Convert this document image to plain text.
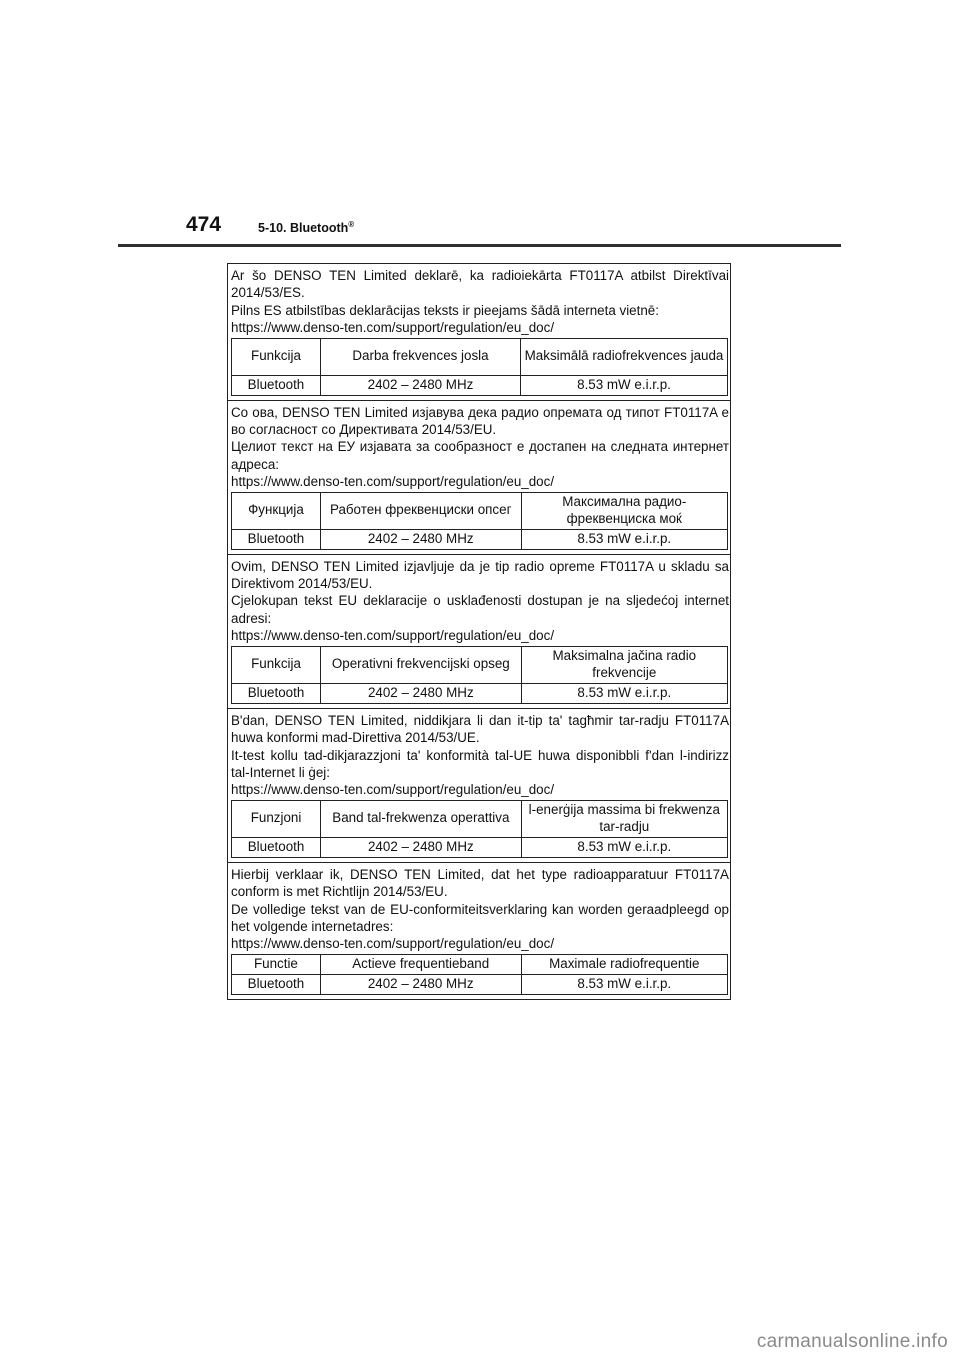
474	5-10. Bluetooth®

Ar šo DENSO TEN Limited deklarē, ka radioiekārta FT0117A atbilst Direktīvai 2014/53/ES.

Pilns ES atbilstības deklarācijas teksts ir pieejams šādā interneta vietnē:

https://www.denso-ten.com/support/regulation/eu_doc/

Funkcija	Darba frekvences josla	Maksimālā radiofrekvences jauda
Bluetooth	2402 – 2480 MHz	8.53 mW e.i.r.p.

Со ова, DENSO TEN Limited изјавува дека радио опремата од типот FT0117A е во согласност со Директивата 2014/53/EU.

Целиот текст на ЕУ изјавата за сообразност е достапен на следната интернет адреса:

https://www.denso-ten.com/support/regulation/eu_doc/

Функција	Работен фреквенциски опсег	Максимална радио-фреквенциска моќ
Bluetooth	2402 – 2480 MHz	8.53 mW e.i.r.p.

Ovim, DENSO TEN Limited izjavljuje da je tip radio opreme FT0117A u skladu sa Direktivom 2014/53/EU.

Cjelokupan tekst EU deklaracije o usklađenosti dostupan je na sljedećoj internet adresi:

https://www.denso-ten.com/support/regulation/eu_doc/

Funkcija	Operativni frekvencijski opseg	Maksimalna jačina radio frekvencije
Bluetooth	2402 – 2480 MHz	8.53 mW e.i.r.p.

B'dan, DENSO TEN Limited, niddikjara li dan it-tip ta' tagħmir tar-radju FT0117A huwa konformi mad-Direttiva 2014/53/UE.

It-test kollu tad-dikjarazzjoni ta' konformità tal-UE huwa disponibbli f'dan l-indirizz tal-Internet li ġej:

https://www.denso-ten.com/support/regulation/eu_doc/

Funzjoni	Band tal-frekwenza operattiva	l-enerġija massima bi frekwenza tar-radju
Bluetooth	2402 – 2480 MHz	8.53 mW e.i.r.p.

Hierbij verklaar ik, DENSO TEN Limited, dat het type radioapparatuur FT0117A conform is met Richtlijn 2014/53/EU.

De volledige tekst van de EU-conformiteitsverklaring kan worden geraadpleegd op het volgende internetadres:

https://www.denso-ten.com/support/regulation/eu_doc/

Functie	Actieve frequentieband	Maximale radiofrequentie
Bluetooth	2402 – 2480 MHz	8.53 mW e.i.r.p.
carmanualsonline.info
